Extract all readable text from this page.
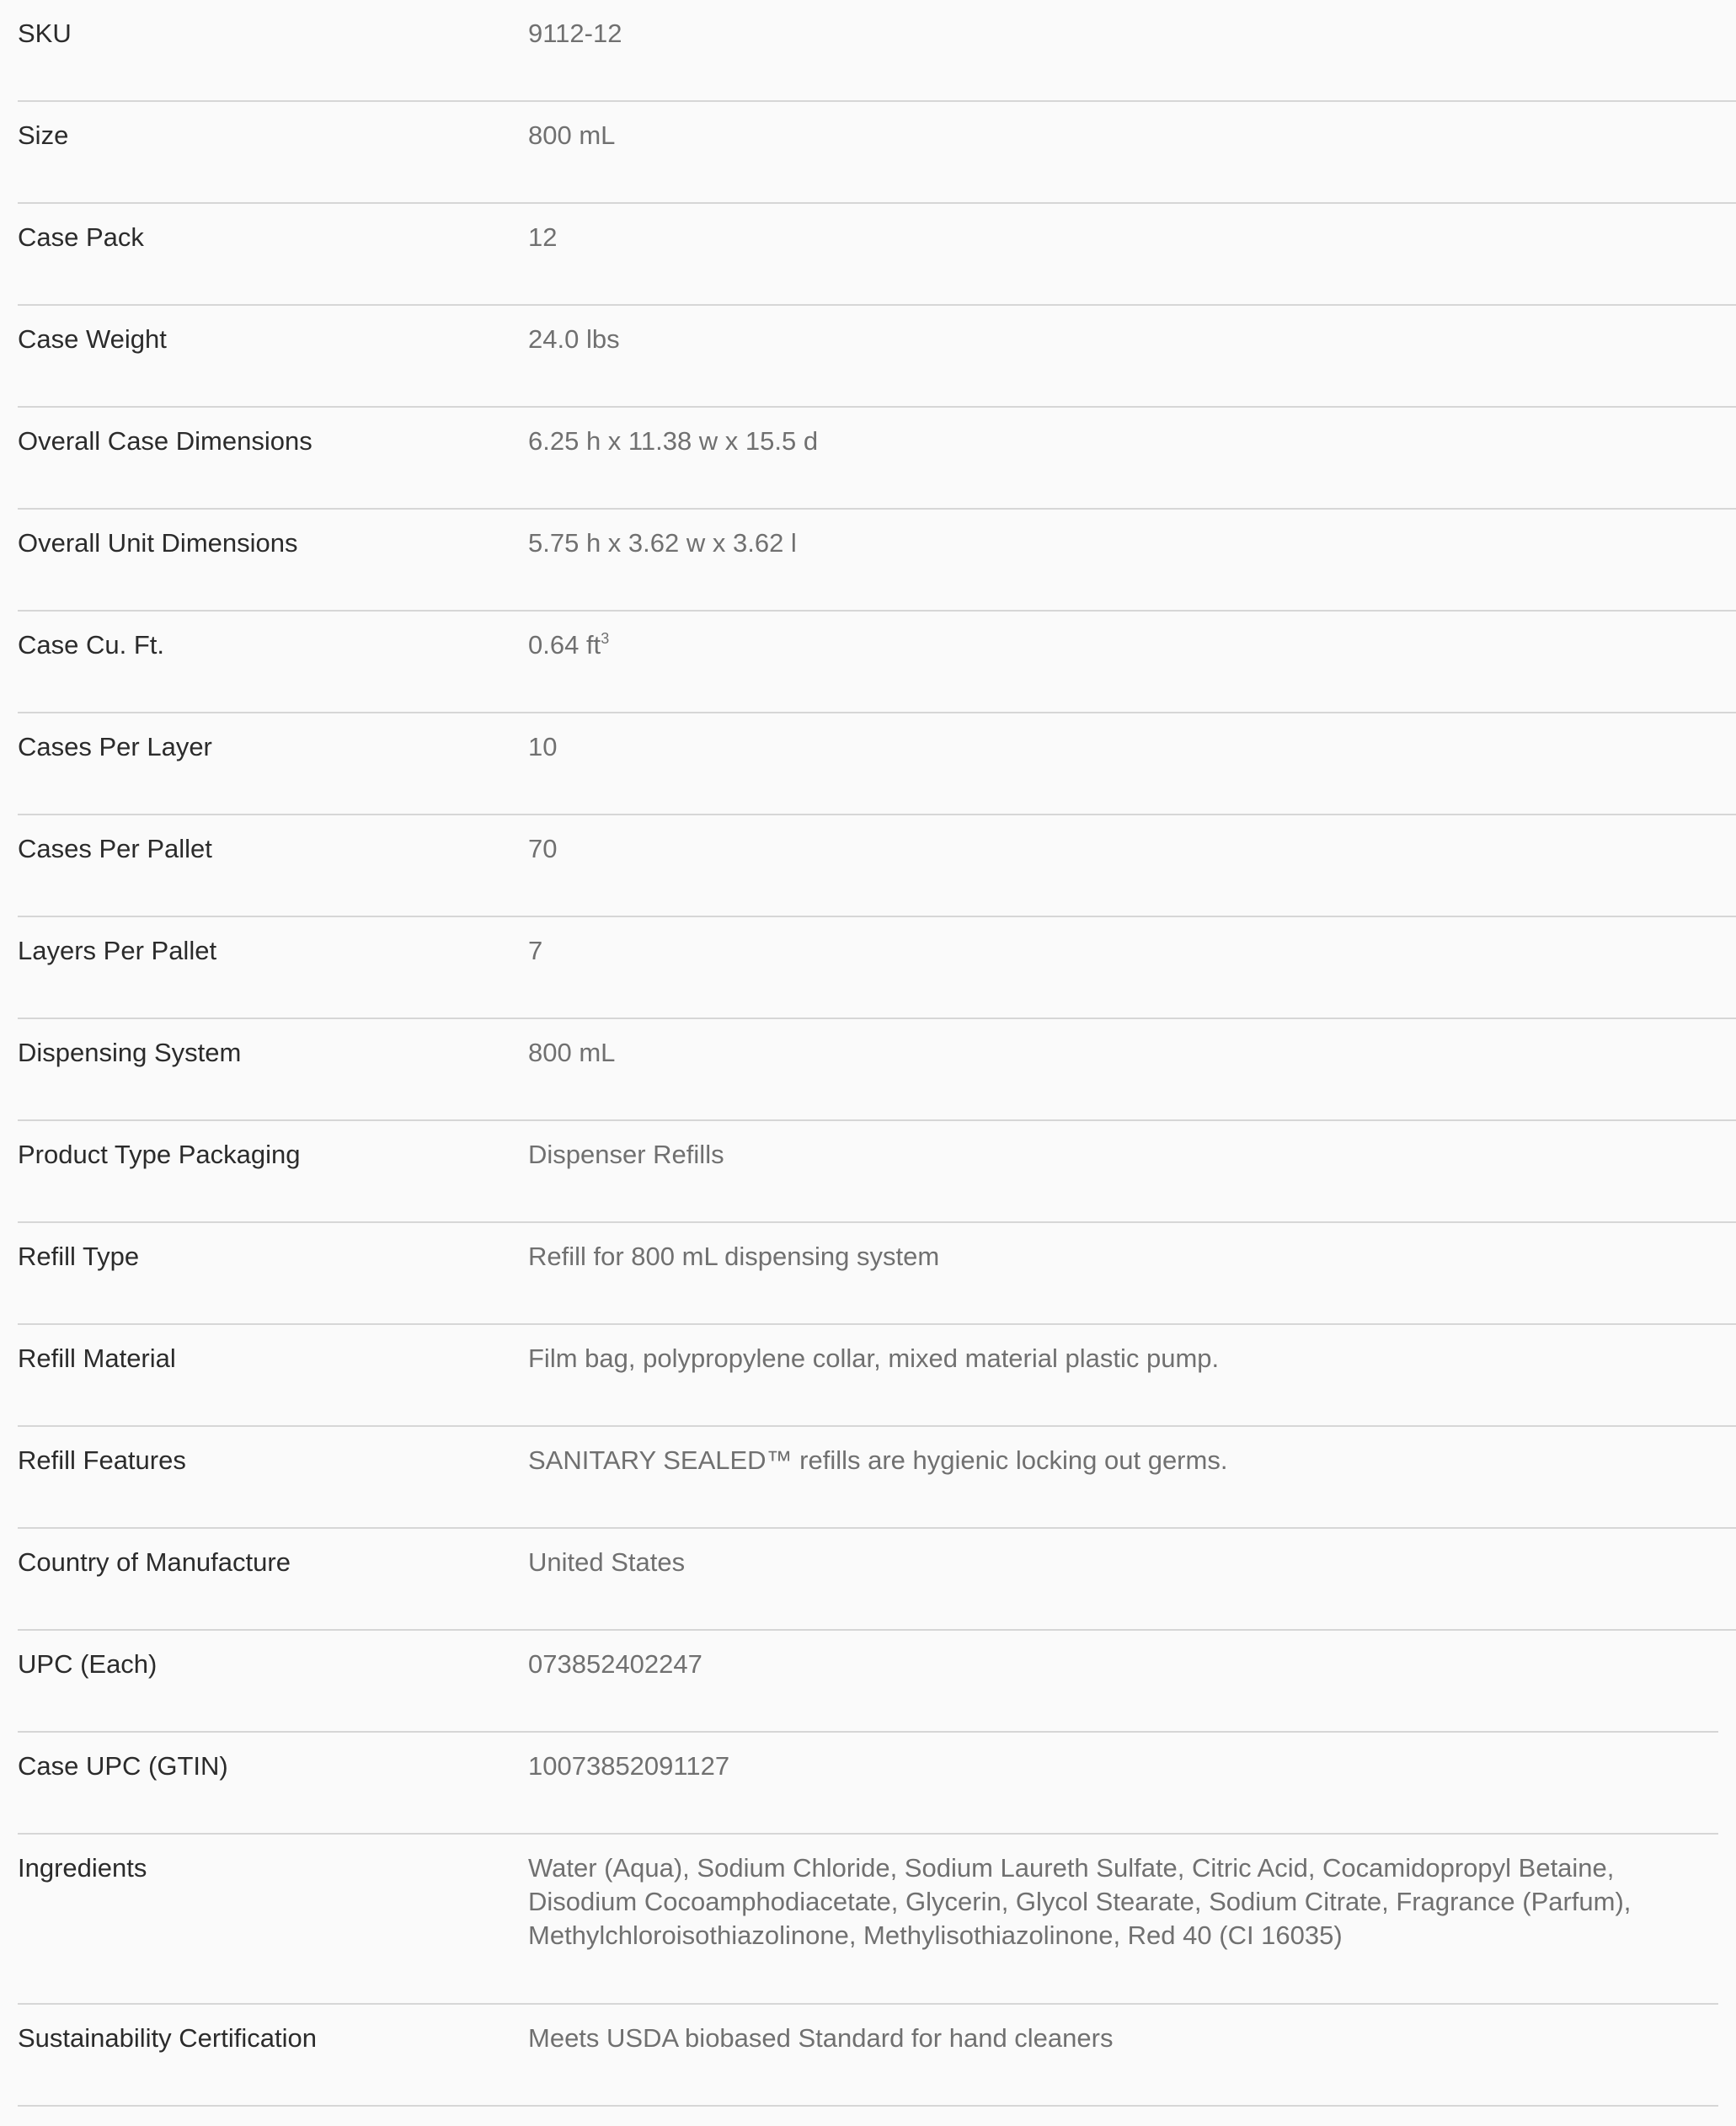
SKU	9112-12
Size	800 mL
Case Pack	12
Case Weight	24.0 lbs
Overall Case Dimensions	6.25 h x 11.38 w x 15.5 d
Overall Unit Dimensions	5.75 h x 3.62 w x 3.62 l
Case Cu. Ft.	0.64 $ft^3$
Cases Per Layer	10
Cases Per Pallet	70
Layers Per Pallet	7
Dispensing System	800 mL
Product Type Packaging	Dispenser Refills
Refill Type	Refill for 800 mL dispensing system
Refill Material	Film bag, polypropylene collar, mixed material plastic pump.
Refill Features	SANITARY SEALED™ refills are hygienic locking out germs.
Country of Manufacture	United States
UPC (Each)	073852402247
Case UPC (GTIN)	10073852091127
Ingredients	Water (Aqua), Sodium Chloride, Sodium Laureth Sulfate, Citric Acid, Cocamidopropyl Betaine, Disodium Cocoamphodiacetate, Glycerin, Glycol Stearate, Sodium Citrate, Fragrance (Parfum), Methylchloroisothiazolinone, Methylisothiazolinone, Red 40 (CI 16035)
Sustainability Certification	Meets USDA biobased Standard for hand cleaners
